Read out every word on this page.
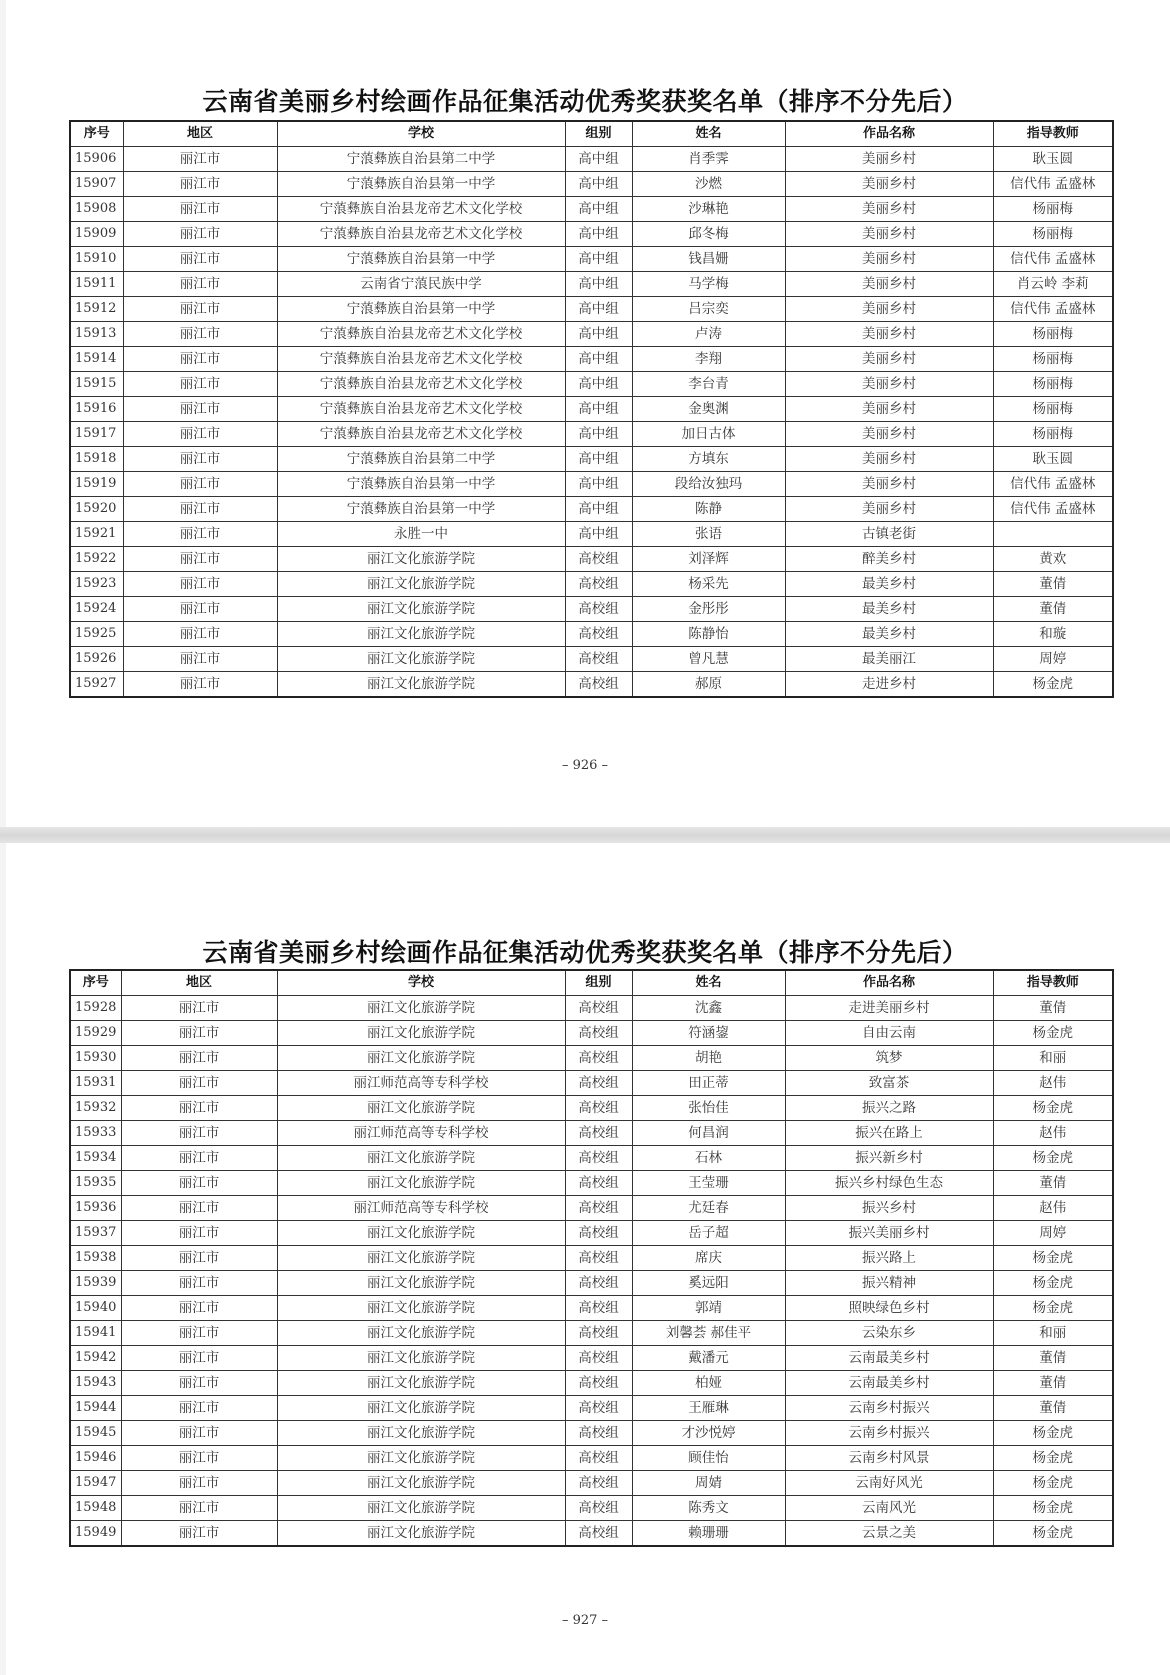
云南省美丽乡村绘画作品征集活动优秀奖获奖名单（排序不分先后）
序号	地区	学校	组别	姓名	作品名称	指导教师
15906	丽江市	宁蒗彝族自治县第二中学	高中组	肖季霁	美丽乡村	耿玉圆
15907	丽江市	宁蒗彝族自治县第一中学	高中组	沙燃	美丽乡村	信代伟 孟盛林
15908	丽江市	宁蒗彝族自治县龙帝艺术文化学校	高中组	沙琳艳	美丽乡村	杨丽梅
15909	丽江市	宁蒗彝族自治县龙帝艺术文化学校	高中组	邱冬梅	美丽乡村	杨丽梅
15910	丽江市	宁蒗彝族自治县第一中学	高中组	钱昌姗	美丽乡村	信代伟 孟盛林
15911	丽江市	云南省宁蒗民族中学	高中组	马学梅	美丽乡村	肖云岭 李莉
15912	丽江市	宁蒗彝族自治县第一中学	高中组	吕宗奕	美丽乡村	信代伟 孟盛林
15913	丽江市	宁蒗彝族自治县龙帝艺术文化学校	高中组	卢涛	美丽乡村	杨丽梅
15914	丽江市	宁蒗彝族自治县龙帝艺术文化学校	高中组	李翔	美丽乡村	杨丽梅
15915	丽江市	宁蒗彝族自治县龙帝艺术文化学校	高中组	李台青	美丽乡村	杨丽梅
15916	丽江市	宁蒗彝族自治县龙帝艺术文化学校	高中组	金奥渊	美丽乡村	杨丽梅
15917	丽江市	宁蒗彝族自治县龙帝艺术文化学校	高中组	加日古体	美丽乡村	杨丽梅
15918	丽江市	宁蒗彝族自治县第二中学	高中组	方填东	美丽乡村	耿玉圆
15919	丽江市	宁蒗彝族自治县第一中学	高中组	段给汝独玛	美丽乡村	信代伟 孟盛林
15920	丽江市	宁蒗彝族自治县第一中学	高中组	陈静	美丽乡村	信代伟 孟盛林
15921	丽江市	永胜一中	高中组	张语	古镇老街	
15922	丽江市	丽江文化旅游学院	高校组	刘泽辉	醉美乡村	黄欢
15923	丽江市	丽江文化旅游学院	高校组	杨采先	最美乡村	董倩
15924	丽江市	丽江文化旅游学院	高校组	金彤彤	最美乡村	董倩
15925	丽江市	丽江文化旅游学院	高校组	陈静怡	最美乡村	和璇
15926	丽江市	丽江文化旅游学院	高校组	曾凡慧	最美丽江	周婷
15927	丽江市	丽江文化旅游学院	高校组	郝原	走进乡村	杨金虎
– 926 –
云南省美丽乡村绘画作品征集活动优秀奖获奖名单（排序不分先后）
序号	地区	学校	组别	姓名	作品名称	指导教师
15928	丽江市	丽江文化旅游学院	高校组	沈鑫	走进美丽乡村	董倩
15929	丽江市	丽江文化旅游学院	高校组	符涵鋆	自由云南	杨金虎
15930	丽江市	丽江文化旅游学院	高校组	胡艳	筑梦	和丽
15931	丽江市	丽江师范高等专科学校	高校组	田正蒂	致富茶	赵伟
15932	丽江市	丽江文化旅游学院	高校组	张怡佳	振兴之路	杨金虎
15933	丽江市	丽江师范高等专科学校	高校组	何昌润	振兴在路上	赵伟
15934	丽江市	丽江文化旅游学院	高校组	石林	振兴新乡村	杨金虎
15935	丽江市	丽江文化旅游学院	高校组	王莹珊	振兴乡村绿色生态	董倩
15936	丽江市	丽江师范高等专科学校	高校组	尤廷春	振兴乡村	赵伟
15937	丽江市	丽江文化旅游学院	高校组	岳子超	振兴美丽乡村	周婷
15938	丽江市	丽江文化旅游学院	高校组	席庆	振兴路上	杨金虎
15939	丽江市	丽江文化旅游学院	高校组	奚远阳	振兴精神	杨金虎
15940	丽江市	丽江文化旅游学院	高校组	郭靖	照映绿色乡村	杨金虎
15941	丽江市	丽江文化旅游学院	高校组	刘馨荟 郝佳平	云染东乡	和丽
15942	丽江市	丽江文化旅游学院	高校组	戴潘元	云南最美乡村	董倩
15943	丽江市	丽江文化旅游学院	高校组	柏娅	云南最美乡村	董倩
15944	丽江市	丽江文化旅游学院	高校组	王雁琳	云南乡村振兴	董倩
15945	丽江市	丽江文化旅游学院	高校组	才沙悦婷	云南乡村振兴	杨金虎
15946	丽江市	丽江文化旅游学院	高校组	顾佳怡	云南乡村风景	杨金虎
15947	丽江市	丽江文化旅游学院	高校组	周婧	云南好风光	杨金虎
15948	丽江市	丽江文化旅游学院	高校组	陈秀文	云南风光	杨金虎
15949	丽江市	丽江文化旅游学院	高校组	赖珊珊	云景之美	杨金虎
– 927 –
